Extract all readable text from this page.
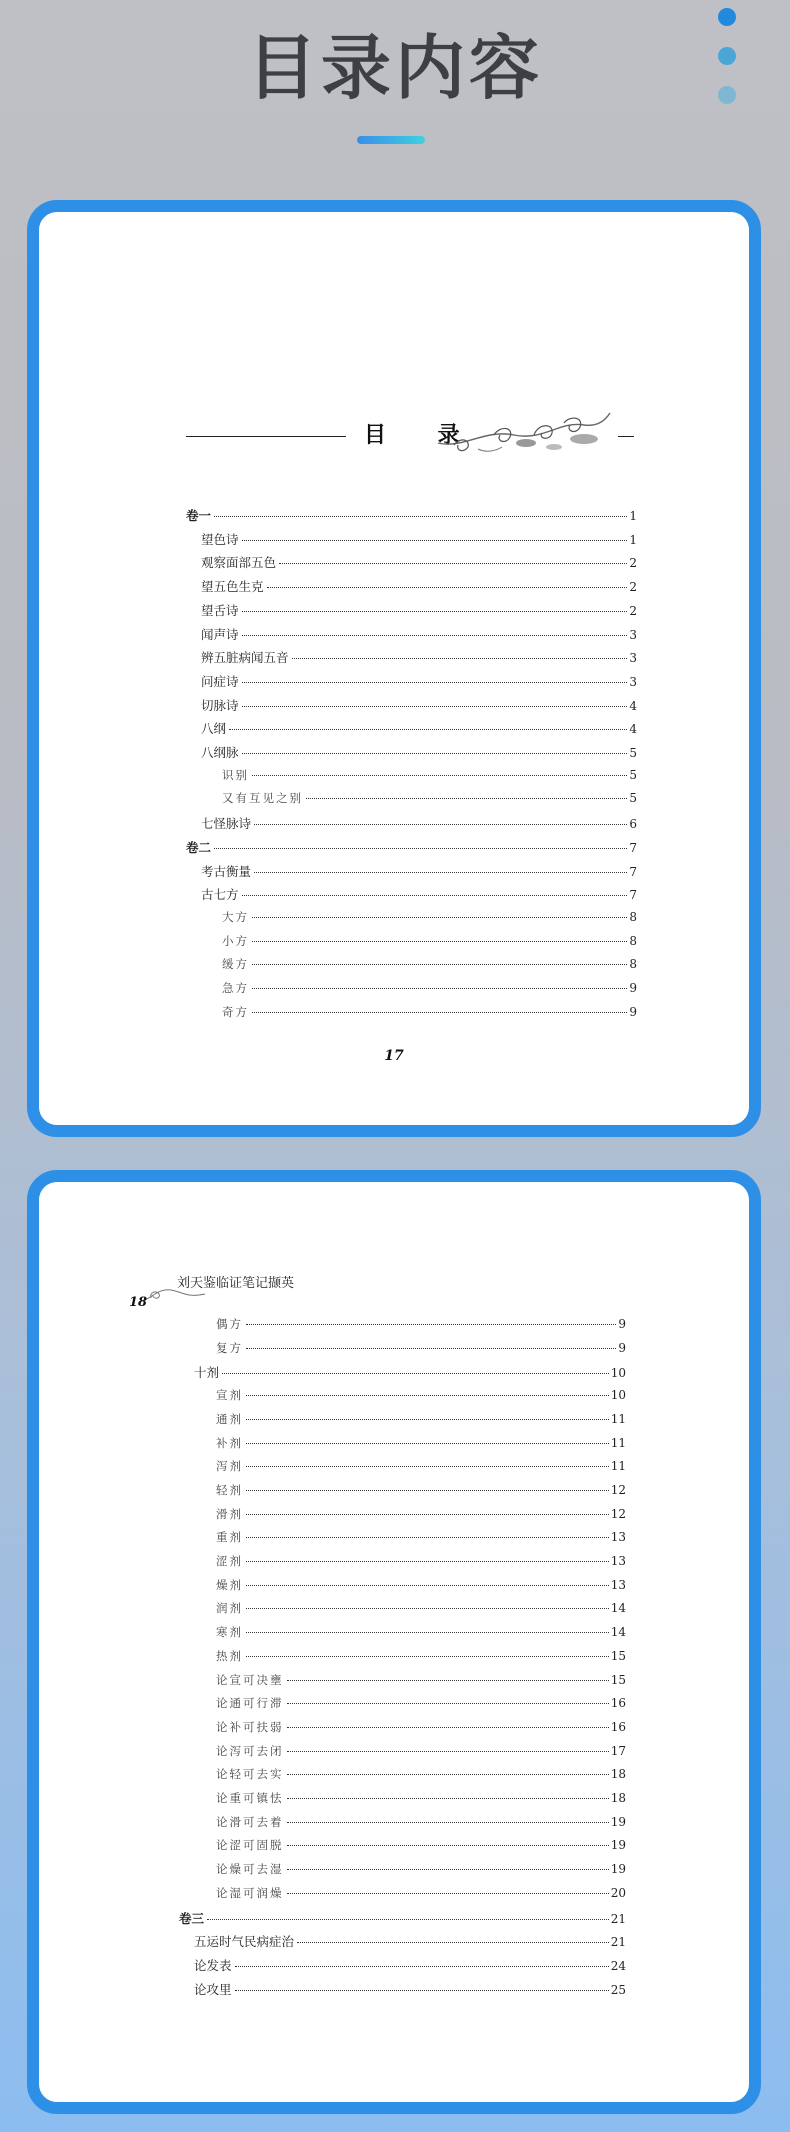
目录内容
目 录
卷一	1
望色诗	1
观察面部五色	2
望五色生克	2
望舌诗	2
闻声诗	3
辨五脏病闻五音	3
问症诗	3
切脉诗	4
八纲	4
八纲脉	5
识别	5
又有互见之别	5
七怪脉诗	6
卷二	7
考古衡量	7
古七方	7
大方	8
小方	8
缓方	8
急方	9
奇方	9
17
刘天鉴临证笔记撷英
18
偶方	9
复方	9
十剂	10
宣剂	10
通剂	11
补剂	11
泻剂	11
轻剂	12
滑剂	12
重剂	13
涩剂	13
燥剂	13
润剂	14
寒剂	14
热剂	15
论宣可决壅	15
论通可行滞	16
论补可扶弱	16
论泻可去闭	17
论轻可去实	18
论重可镇怯	18
论滑可去着	19
论涩可固脱	19
论燥可去湿	19
论湿可润燥	20
卷三	21
五运时气民病症治	21
论发表	24
论攻里	25
